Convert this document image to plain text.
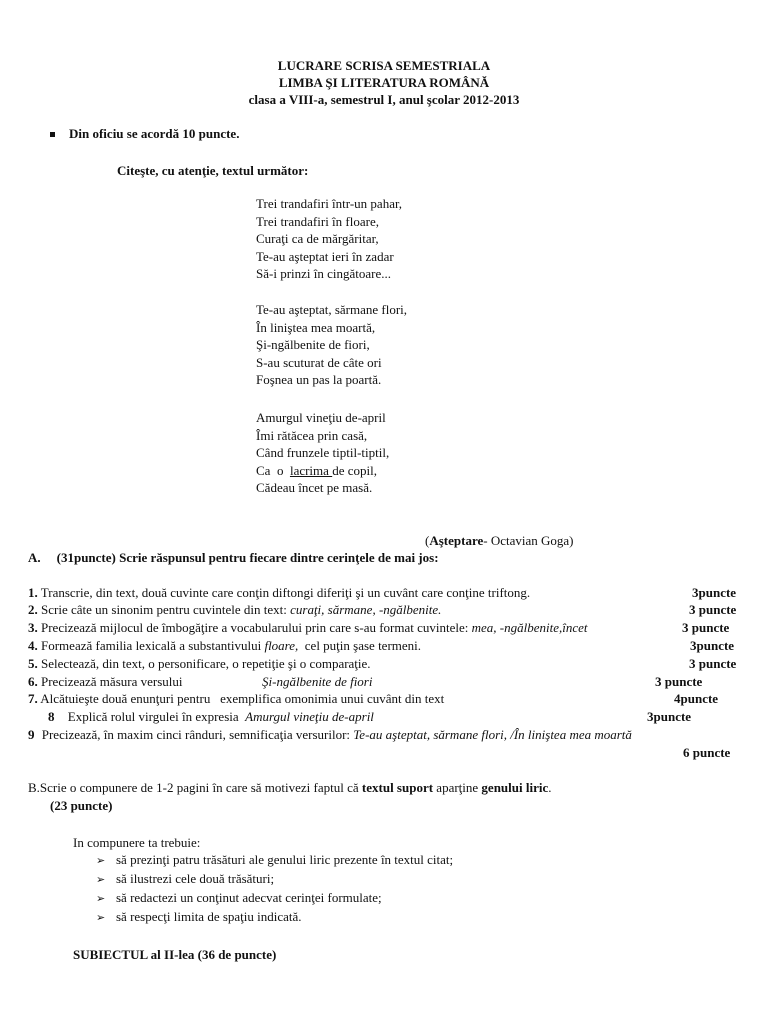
LUCRARE SCRISA SEMESTRIALA
LIMBA ŞI LITERATURA ROMÂNĂ
clasa a VIII-a, semestrul I, anul şcolar 2012-2013
Din oficiu se acordă 10 puncte.
Citeşte, cu atenţie, textul următor:
Trei trandafiri într-un pahar,
Trei trandafiri în floare,
Curaţi ca de mărgăritar,
Te-au aşteptat ieri în zadar
Să-i prinzi în cingătoare...
Te-au aşteptat, sărmane flori,
În liniştea mea moartă,
Şi-ngălbenite de fiori,
S-au scuturat de câte ori
Foşnea un pas la poartă.
Amurgul vineţiu de-april
Îmi rătăcea prin casă,
Când frunzele tiptil-tiptil,
Ca  o  lacrima de copil,
Cădeau încet pe masă.
(Aşteptare- Octavian Goga)
A. (31puncte) Scrie răspunsul pentru fiecare dintre cerinţele de mai jos:
1. Transcrie, din text, două cuvinte care conţin diftongi diferiţi şi un cuvânt care conţine triftong.	3puncte
2. Scrie câte un sinonim pentru cuvintele din text: curaţi, sărmane, -ngălbenite.	3 puncte
3. Precizează mijlocul de îmbogăţire a vocabularului prin care s-au format cuvintele: mea, -ngălbenite,încet	3 puncte
4. Formează familia lexicală a substantivului floare,  cel puţin şase termeni.	3puncte
5. Selectează, din text, o personificare, o repetiţie şi o comparaţie.	3 puncte
6. Precizează măsura versului	Şi-ngălbenite de fiori	3 puncte
7. Alcătuieşte două enunţuri pentru   exemplifica omonimia unui cuvânt din text	4puncte
8 Explică rolul virgulei în expresia  Amurgul vineţiu de-april	3puncte
9 Precizează, în maxim cinci rânduri, semnificaţia versurilor: Te-au aşteptat, sărmane flori, /În liniştea mea moartă
6 puncte
B.Scrie o compunere de 1-2 pagini în care să motivezi faptul că textul suport aparţine genului liric.
(23 puncte)
In compunere ta trebuie:
➢ să prezinţi patru trăsături ale genului liric prezente în textul citat;
➢ să ilustrezi cele două trăsături;
➢ să redactezi un conţinut adecvat cerinţei formulate;
➢ să respecţi limita de spaţiu indicată.
SUBIECTUL al II-lea (36 de puncte)
